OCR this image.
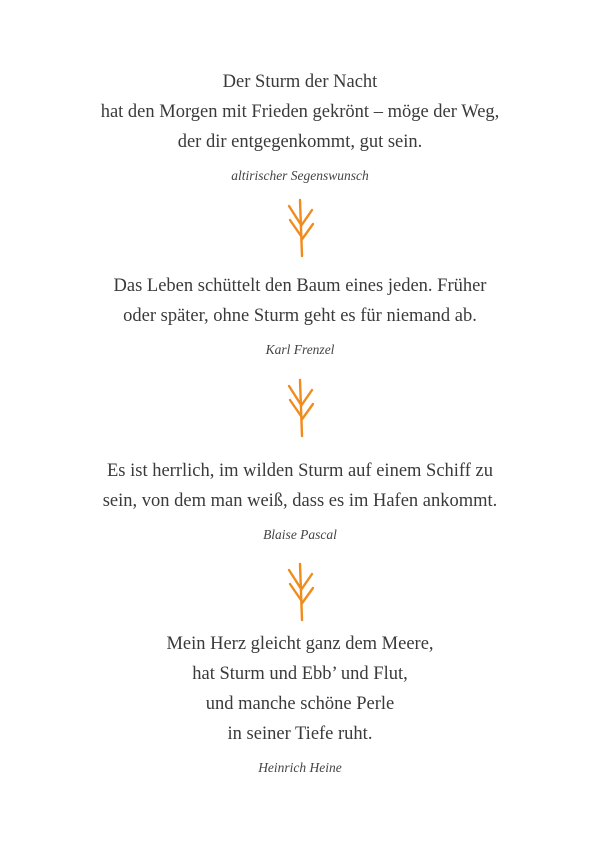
Der Sturm der Nacht
hat den Morgen mit Frieden gekrönt – möge der Weg,
der dir entgegenkommt, gut sein.
altirischer Segenswunsch
Das Leben schüttelt den Baum eines jeden. Früher
oder später, ohne Sturm geht es für niemand ab.
Karl Frenzel
Es ist herrlich, im wilden Sturm auf einem Schiff zu
sein, von dem man weiß, dass es im Hafen ankommt.
Blaise Pascal
Mein Herz gleicht ganz dem Meere,
hat Sturm und Ebb’ und Flut,
und manche schöne Perle
in seiner Tiefe ruht.
Heinrich Heine
